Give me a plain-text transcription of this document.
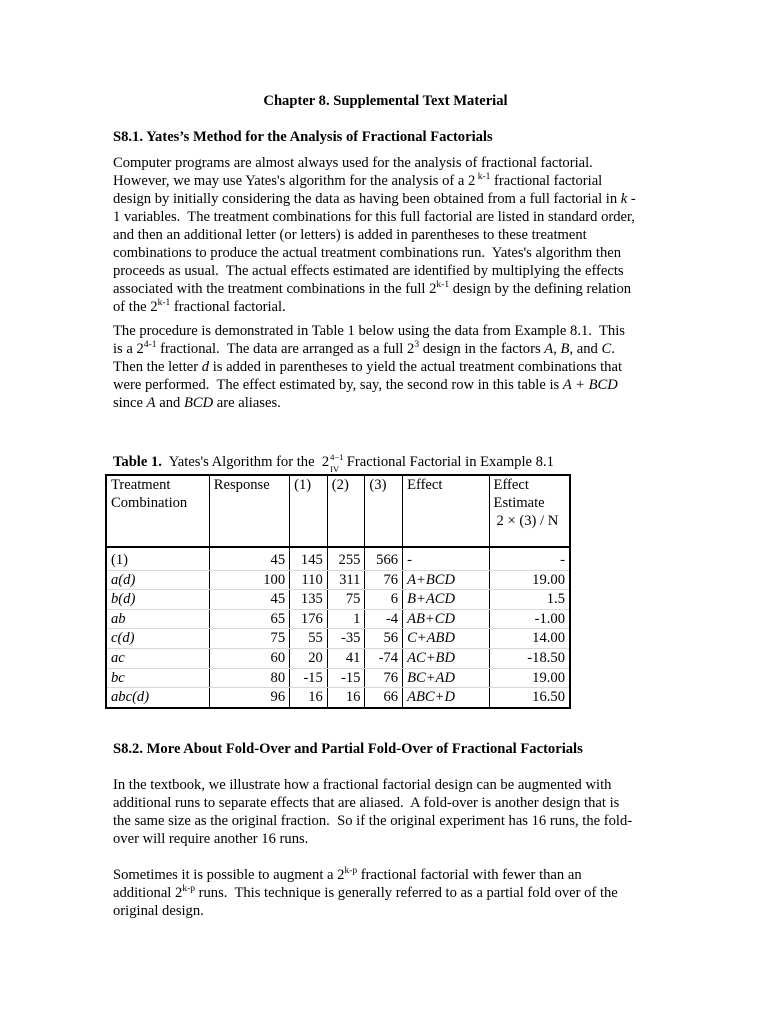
Chapter 8. Supplemental Text Material
S8.1. Yates’s Method for the Analysis of Fractional Factorials
Computer programs are almost always used for the analysis of fractional factorial.
However, we may use Yates's algorithm for the analysis of a 2 $^{k-1}$ fractional factorial
design by initially considering the data as having been obtained from a full factorial in k -
1 variables.  The treatment combinations for this full factorial are listed in standard order,
and then an additional letter (or letters) is added in parentheses to these treatment
combinations to produce the actual treatment combinations run.  Yates's algorithm then
proceeds as usual.  The actual effects estimated are identified by multiplying the effects
associated with the treatment combinations in the full 2$^{k-1}$ design by the defining relation
of the 2$^{k-1}$ fractional factorial.
The procedure is demonstrated in Table 1 below using the data from Example 8.1.  This
is a 2$^{4-1}$ fractional.  The data are arranged as a full $2^3$ design in the factors A, B, and C.
Then the letter d is added in parentheses to yield the actual treatment combinations that
were performed.  The effect estimated by, say, the second row in this table is A + BCD
since A and BCD are aliases.
Table 1.  Yates's Algorithm for the  2 4−1
IV Fractional Factorial in Example 8.1
Treatment Combination	Response	(1)	(2)	(3)	Effect	Effect Estimate
2 × (3) / N

(1)	45	145	255	566	-	-
a(d)	100	110	311	76	A+BCD	19.00
b(d)	45	135	75	6	B+ACD	1.5
ab	65	176	1	-4	AB+CD	-1.00
c(d)	75	55	-35	56	C+ABD	14.00
ac	60	20	41	-74	AC+BD	-18.50
bc	80	-15	-15	76	BC+AD	19.00
abc(d)	96	16	16	66	ABC+D	16.50
S8.2. More About Fold-Over and Partial Fold-Over of Fractional Factorials
In the textbook, we illustrate how a fractional factorial design can be augmented with
additional runs to separate effects that are aliased.  A fold-over is another design that is
the same size as the original fraction.  So if the original experiment has 16 runs, the fold-
over will require another 16 runs.
Sometimes it is possible to augment a 2$^{k-p}$ fractional factorial with fewer than an
additional 2$^{k-p}$ runs.  This technique is generally referred to as a partial fold over of the
original design.
